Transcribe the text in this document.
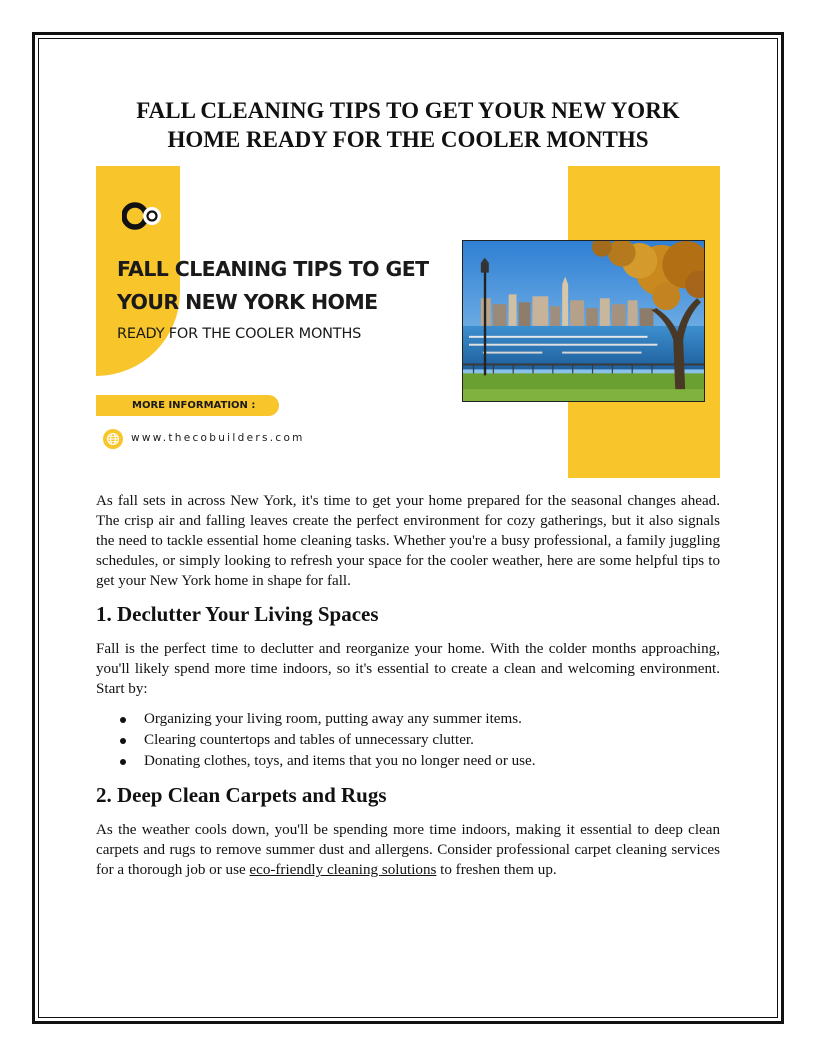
FALL CLEANING TIPS TO GET YOUR NEW YORK
HOME READY FOR THE COOLER MONTHS
FALL CLEANING TIPS TO GET
YOUR NEW YORK HOME
READY FOR THE COOLER MONTHS
MORE INFORMATION :
www.thecobuilders.com

As fall sets in across New York, it's time to get your home prepared for the seasonal changes ahead. The crisp air and falling leaves create the perfect environment for cozy gatherings, but it also signals the need to tackle essential home cleaning tasks. Whether you're a busy professional, a family juggling schedules, or simply looking to refresh your space for the cooler weather, here are some helpful tips to get your New York home in shape for fall.

1. Declutter Your Living Spaces

Fall is the perfect time to declutter and reorganize your home. With the colder months approaching, you'll likely spend more time indoors, so it's essential to create a clean and welcoming environment. Start by:

Organizing your living room, putting away any summer items.
Clearing countertops and tables of unnecessary clutter.
Donating clothes, toys, and items that you no longer need or use.
2. Deep Clean Carpets and Rugs

As the weather cools down, you'll be spending more time indoors, making it essential to deep clean carpets and rugs to remove summer dust and allergens. Consider professional carpet cleaning services for a thorough job or use eco-friendly cleaning solutions to freshen them up.
